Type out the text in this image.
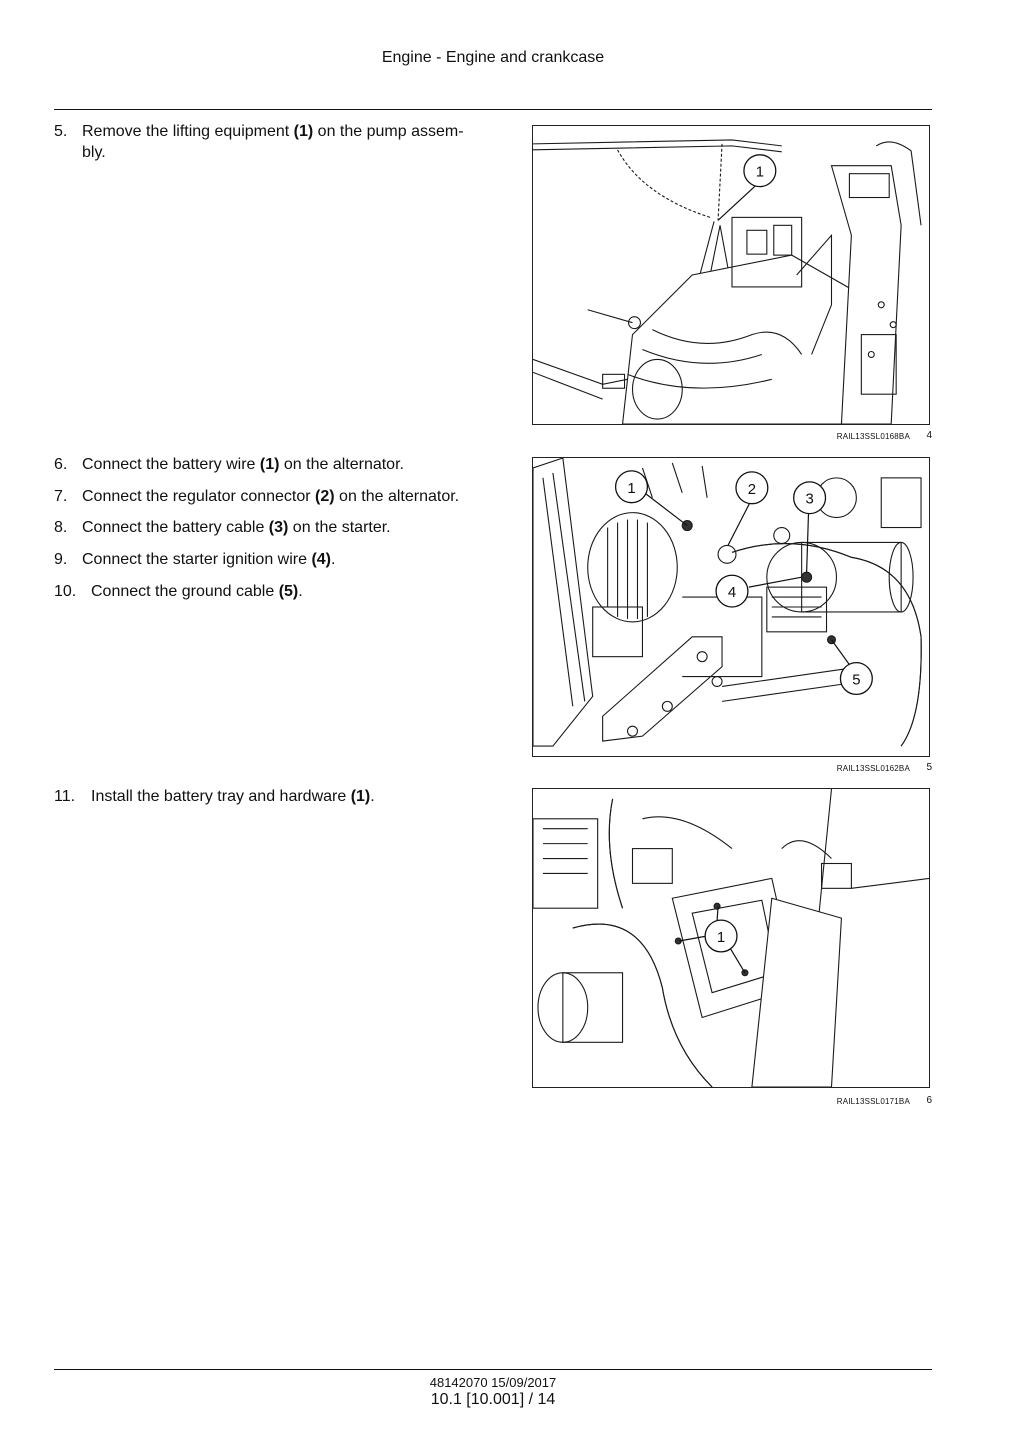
Engine - Engine and crankcase
5. Remove the lifting equipment (1) on the pump assem-
bly.
1
RAIL13SSL0168BA	4
6. Connect the battery wire (1) on the alternator.
7. Connect the regulator connector (2) on the alternator.
8. Connect the battery cable (3) on the starter.
9. Connect the starter ignition wire (4).
10. Connect the ground cable (5).
1	2
3
4
5
RAIL13SSL0162BA	5
11. Install the battery tray and hardware (1).
1
RAIL13SSL0171BA	6
48142070 15/09/2017
10.1 [10.001] / 14
